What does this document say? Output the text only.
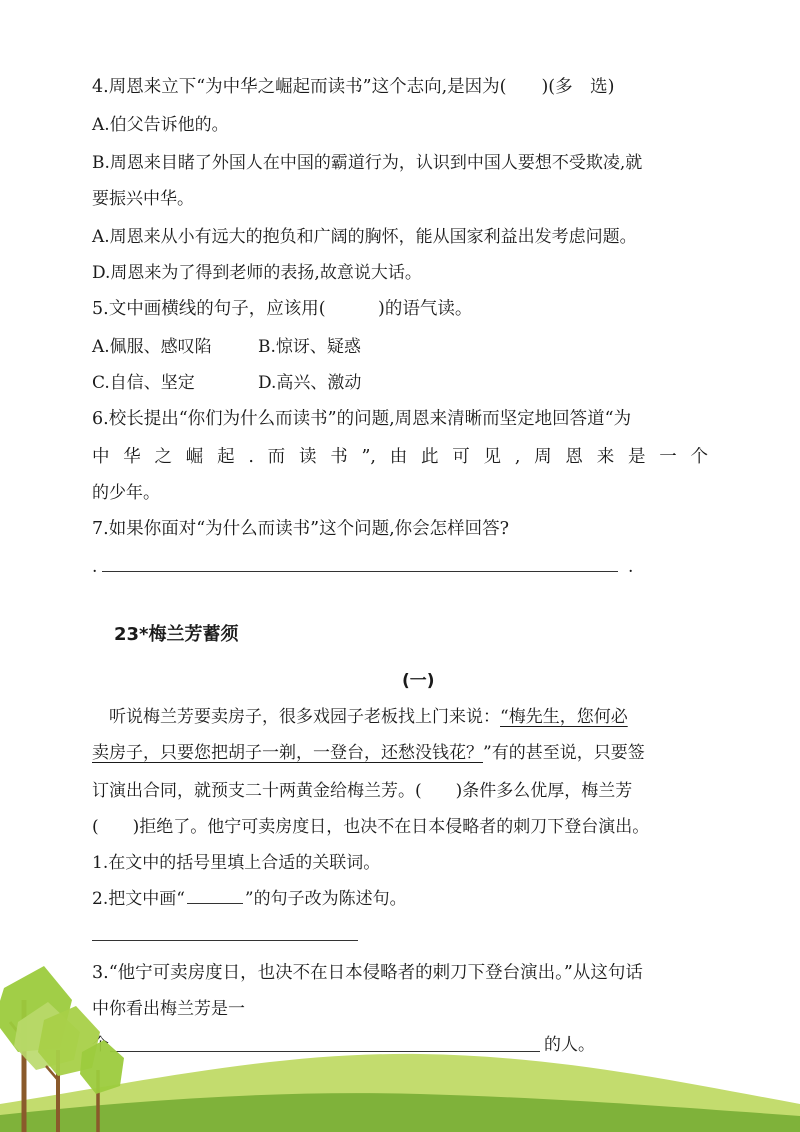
4.周恩来立下“为中华之崛起而读书”这个志向,是因为(　　)(多　选)
A.伯父告诉他的。
B.周恩来目睹了外国人在中国的霸道行为，认识到中国人要想不受欺凌,就
要振兴中华。
A.周恩来从小有远大的抱负和广阔的胸怀，能从国家利益出发考虑问题。
D.周恩来为了得到老师的表扬,故意说大话。
5.文中画横线的句子，应该用(　　　)的语气读。
A.佩服、感叹陷	B.惊讶、疑惑
C.自信、坚定	D.高兴、激动
6.校长提出“你们为什么而读书”的问题,周恩来清晰而坚定地回答道“为
中 华 之 崛 起 . 而 读 书 ”, 由 此 可 见 , 周 恩 来 是 一 个
的少年。
7.如果你面对“为什么而读书”这个问题,你会怎样回答?
.	.
23*梅兰芳蓄须
(一)
　听说梅兰芳要卖房子，很多戏园子老板找上门来说：“梅先生，您何必
卖房子，只要您把胡子一剃，一登台，还愁没钱花？”有的甚至说，只要签
订演出合同，就预支二十两黄金给梅兰芳。(　　)条件多么优厚，梅兰芳
(　　)拒绝了。他宁可卖房度日，也决不在日本侵略者的刺刀下登台演出。
1.在文中的括号里填上合适的关联词。
2.把文中画“	”的句子改为陈述句。
3.“他宁可卖房度日，也决不在日本侵略者的刺刀下登台演出。”从这句话
中你看出梅兰芳是一
的人。
